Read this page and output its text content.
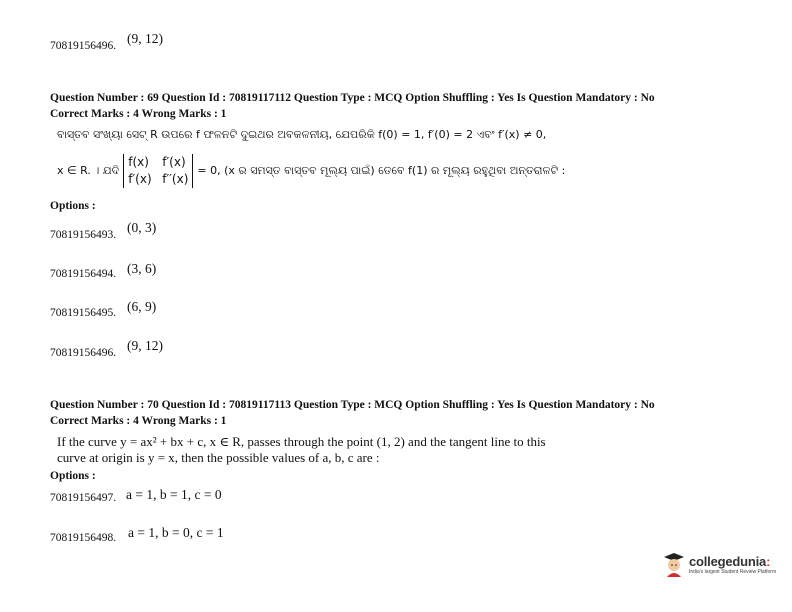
(9, 12)
70819156496.
Question Number : 69 Question Id : 70819117112 Question Type : MCQ Option Shuffling : Yes Is Question Mandatory : No
Correct Marks : 4 Wrong Marks : 1
ବାସ୍ତବ ସଂଖ୍ୟା ସେଟ୍ R ଉପରେ f ଫଳନଟି ଦୁଇଥର ଅବକଳନୀୟ, ଯେପରିକି f(0) = 1, f′(0) = 2 ଏବଂ f′(x) ≠ 0,
x ∈ R. । ଯଦି
f(x) f′(x)
f′(x) f′′(x)
= 0, (x ର ସମସ୍ତ ବାସ୍ତବ ମୂଲ୍ୟ ପାଇଁ) ତେବେ f(1) ର ମୂଲ୍ୟ ରହୁଥିବା ଅନ୍ତରାଳଟି :
Options :
(0, 3)
70819156493.
(3, 6)
70819156494.
(6, 9)
70819156495.
(9, 12)
70819156496.
Question Number : 70 Question Id : 70819117113 Question Type : MCQ Option Shuffling : Yes Is Question Mandatory : No
Correct Marks : 4 Wrong Marks : 1
If the curve y = ax² + bx + c, x ∈ R, passes through the point (1, 2) and the tangent line to this
curve at origin is y = x, then the possible values of a, b, c are :
Options :
a = 1, b = 1, c = 0
70819156497.
a = 1, b = 0, c = 1
70819156498.
collegedunia:
India's largest Student Review Platform
